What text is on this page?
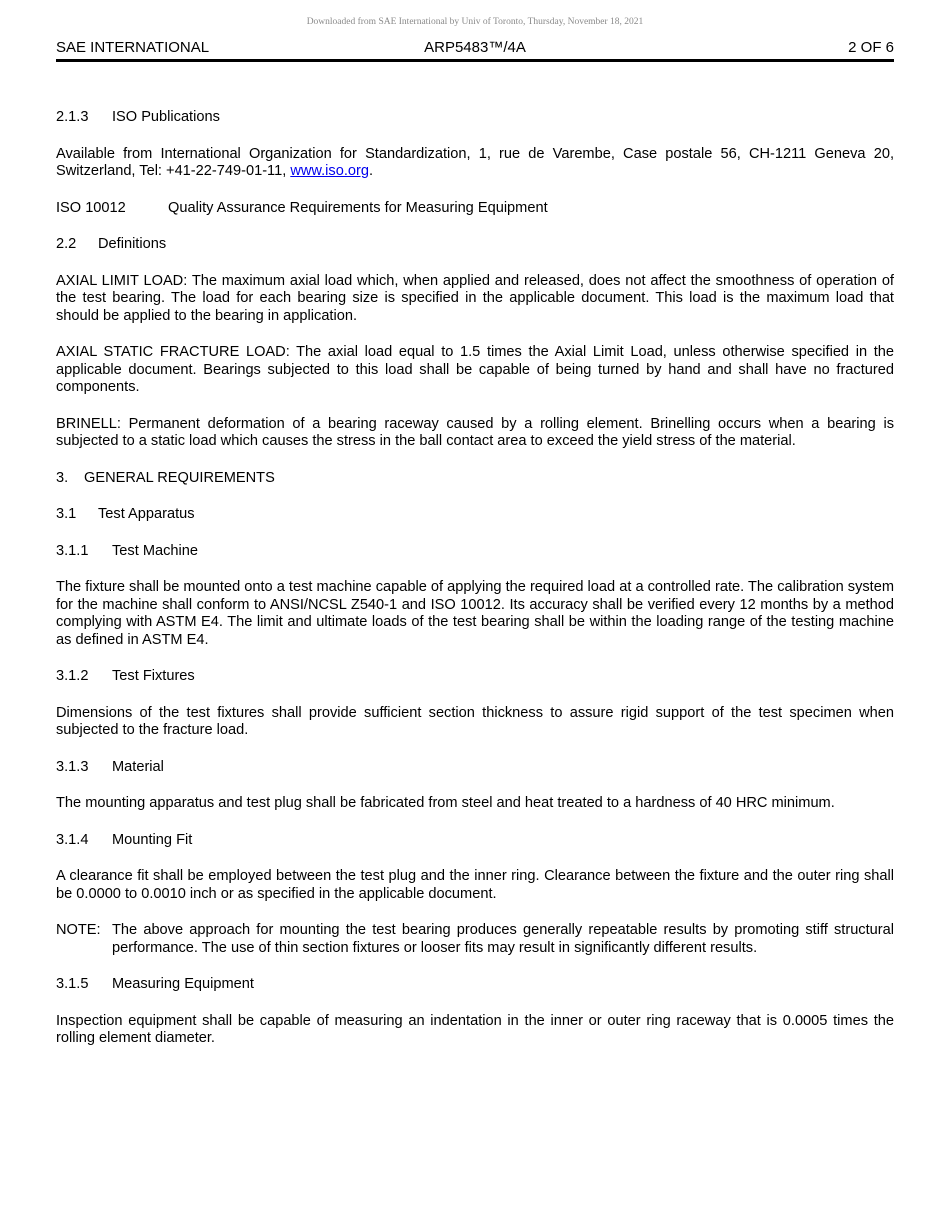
Downloaded from SAE International by Univ of Toronto, Thursday, November 18, 2021
SAE INTERNATIONAL	ARP5483™/4A	2 OF 6
2.1.3 ISO Publications
Available from International Organization for Standardization, 1, rue de Varembe, Case postale 56, CH-1211 Geneva 20, Switzerland, Tel: +41-22-749-01-11, www.iso.org.
ISO 10012	Quality Assurance Requirements for Measuring Equipment
2.2 Definitions
AXIAL LIMIT LOAD: The maximum axial load which, when applied and released, does not affect the smoothness of operation of the test bearing. The load for each bearing size is specified in the applicable document. This load is the maximum load that should be applied to the bearing in application.
AXIAL STATIC FRACTURE LOAD: The axial load equal to 1.5 times the Axial Limit Load, unless otherwise specified in the applicable document. Bearings subjected to this load shall be capable of being turned by hand and shall have no fractured components.
BRINELL: Permanent deformation of a bearing raceway caused by a rolling element. Brinelling occurs when a bearing is subjected to a static load which causes the stress in the ball contact area to exceed the yield stress of the material.
3. GENERAL REQUIREMENTS
3.1 Test Apparatus
3.1.1 Test Machine
The fixture shall be mounted onto a test machine capable of applying the required load at a controlled rate. The calibration system for the machine shall conform to ANSI/NCSL Z540-1 and ISO 10012. Its accuracy shall be verified every 12 months by a method complying with ASTM E4. The limit and ultimate loads of the test bearing shall be within the loading range of the testing machine as defined in ASTM E4.
3.1.2 Test Fixtures
Dimensions of the test fixtures shall provide sufficient section thickness to assure rigid support of the test specimen when subjected to the fracture load.
3.1.3 Material
The mounting apparatus and test plug shall be fabricated from steel and heat treated to a hardness of 40 HRC minimum.
3.1.4 Mounting Fit
A clearance fit shall be employed between the test plug and the inner ring. Clearance between the fixture and the outer ring shall be 0.0000 to 0.0010 inch or as specified in the applicable document.
NOTE: The above approach for mounting the test bearing produces generally repeatable results by promoting stiff structural performance. The use of thin section fixtures or looser fits may result in significantly different results.
3.1.5 Measuring Equipment
Inspection equipment shall be capable of measuring an indentation in the inner or outer ring raceway that is 0.0005 times the rolling element diameter.
